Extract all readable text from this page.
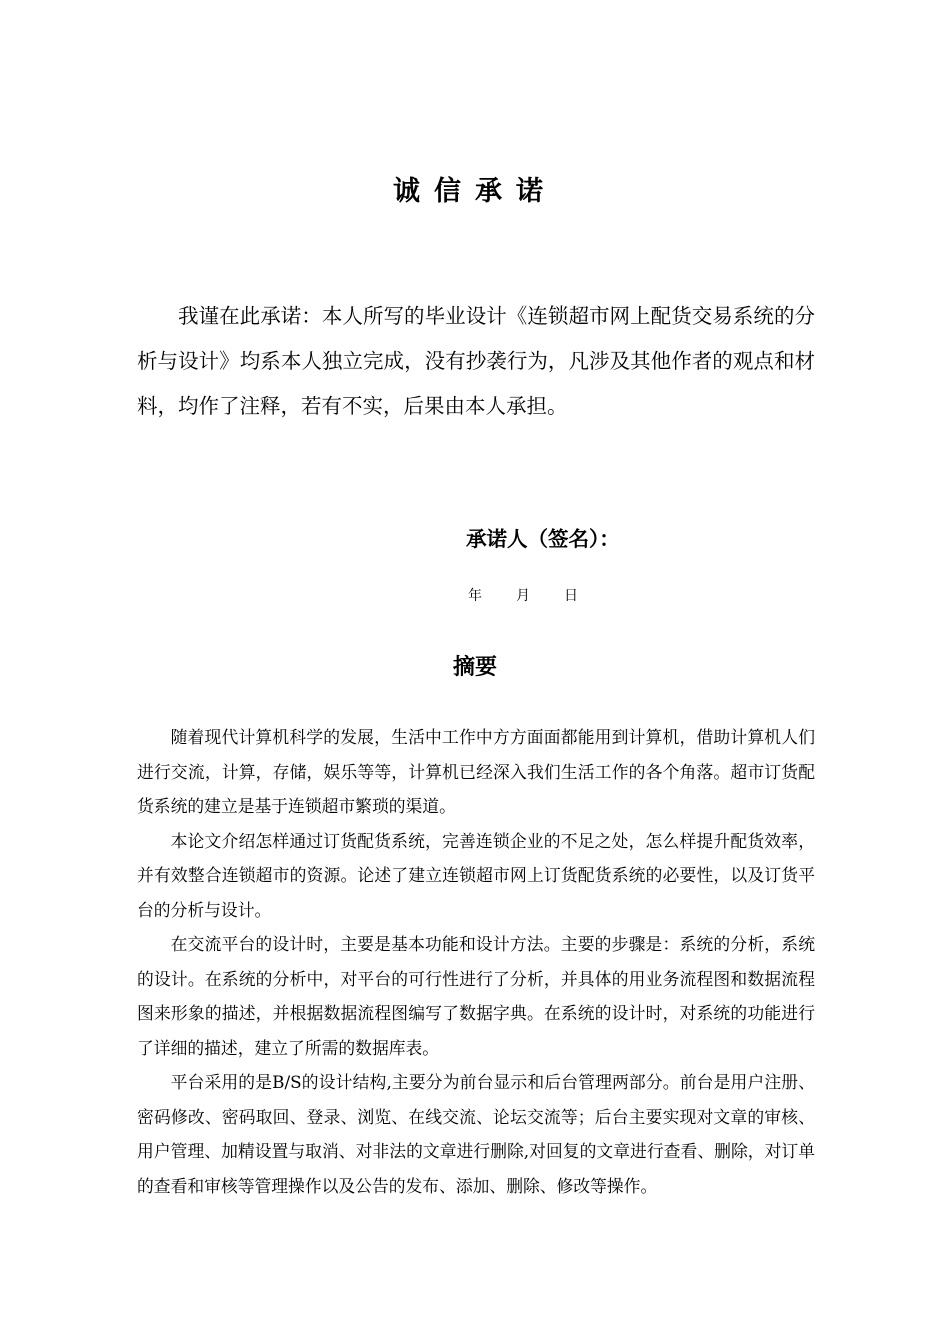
诚信承诺

我谨在此承诺：本人所写的毕业设计《连锁超市网上配货交易系统的分析与设计》均系本人独立完成，没有抄袭行为，凡涉及其他作者的观点和材料，均作了注释，若有不实，后果由本人承担。

承诺人（签名）：

年 月 日

摘要

随着现代计算机科学的发展，生活中工作中方方面面都能用到计算机，借助计算机人们进行交流，计算，存储，娱乐等等，计算机已经深入我们生活工作的各个角落。超市订货配货系统的建立是基于连锁超市繁琐的渠道。

本论文介绍怎样通过订货配货系统，完善连锁企业的不足之处，怎么样提升配货效率，并有效整合连锁超市的资源。论述了建立连锁超市网上订货配货系统的必要性，以及订货平台的分析与设计。

在交流平台的设计时，主要是基本功能和设计方法。主要的步骤是：系统的分析，系统的设计。在系统的分析中，对平台的可行性进行了分析，并具体的用业务流程图和数据流程图来形象的描述，并根据数据流程图编写了数据字典。在系统的设计时，对系统的功能进行了详细的描述，建立了所需的数据库表。

平台采用的是B/S的设计结构,主要分为前台显示和后台管理两部分。前台是用户注册、密码修改、密码取回、登录、浏览、在线交流、论坛交流等；后台主要实现对文章的审核、用户管理、加精设置与取消、对非法的文章进行删除,对回复的文章进行查看、删除，对订单的查看和审核等管理操作以及公告的发布、添加、删除、修改等操作。
